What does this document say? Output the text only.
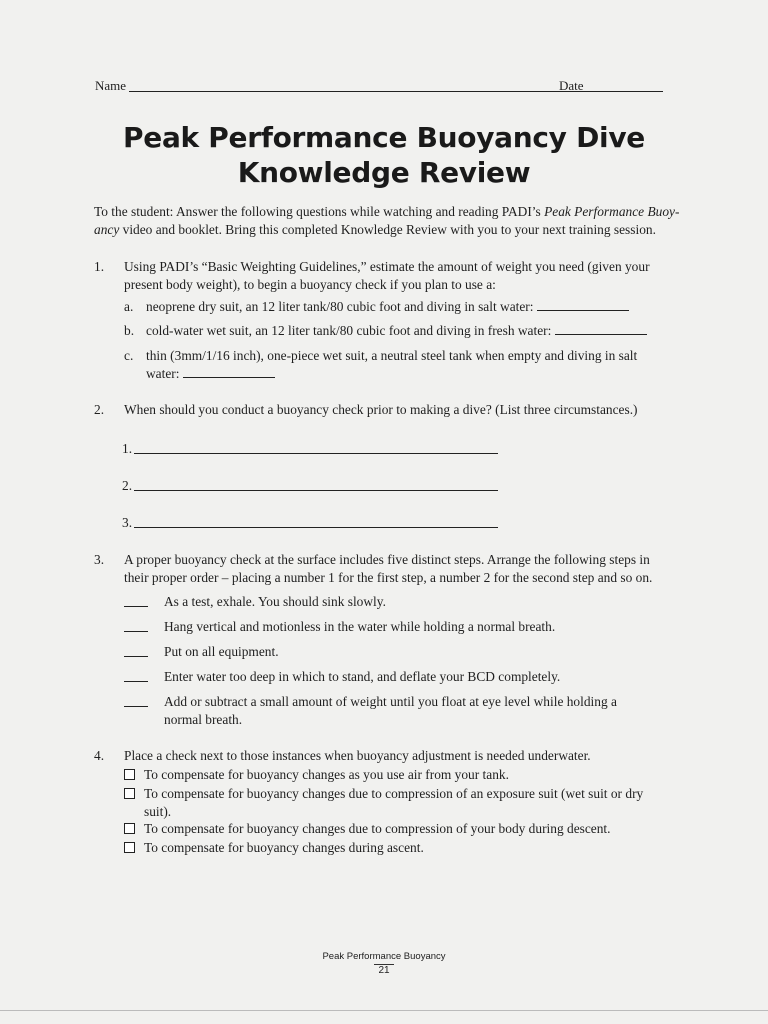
Name	Date
Peak Performance Buoyancy Dive
Knowledge Review
To the student: Answer the following questions while watching and reading PADI’s Peak Performance Buoy-ancy video and booklet. Bring this completed Knowledge Review with you to your next training session.
1. Using PADI’s “Basic Weighting Guidelines,” estimate the amount of weight you need (given your present body weight), to begin a buoyancy check if you plan to use a:
a. neoprene dry suit, an 12 liter tank/80 cubic foot and diving in salt water:
b. cold-water wet suit, an 12 liter tank/80 cubic foot and diving in fresh water:
c. thin (3mm/1/16 inch), one-piece wet suit, a neutral steel tank when empty and diving in salt water:
2. When should you conduct a buoyancy check prior to making a dive? (List three circumstances.)
1.
2.
3.
3. A proper buoyancy check at the surface includes five distinct steps. Arrange the following steps in their proper order – placing a number 1 for the first step, a number 2 for the second step and so on.
As a test, exhale. You should sink slowly.
Hang vertical and motionless in the water while holding a normal breath.
Put on all equipment.
Enter water too deep in which to stand, and deflate your BCD completely.
Add or subtract a small amount of weight until you float at eye level while holding a normal breath.
4. Place a check next to those instances when buoyancy adjustment is needed underwater.
To compensate for buoyancy changes as you use air from your tank.
To compensate for buoyancy changes due to compression of an exposure suit (wet suit or dry suit).
To compensate for buoyancy changes due to compression of your body during descent.
To compensate for buoyancy changes during ascent.
Peak Performance Buoyancy
21
